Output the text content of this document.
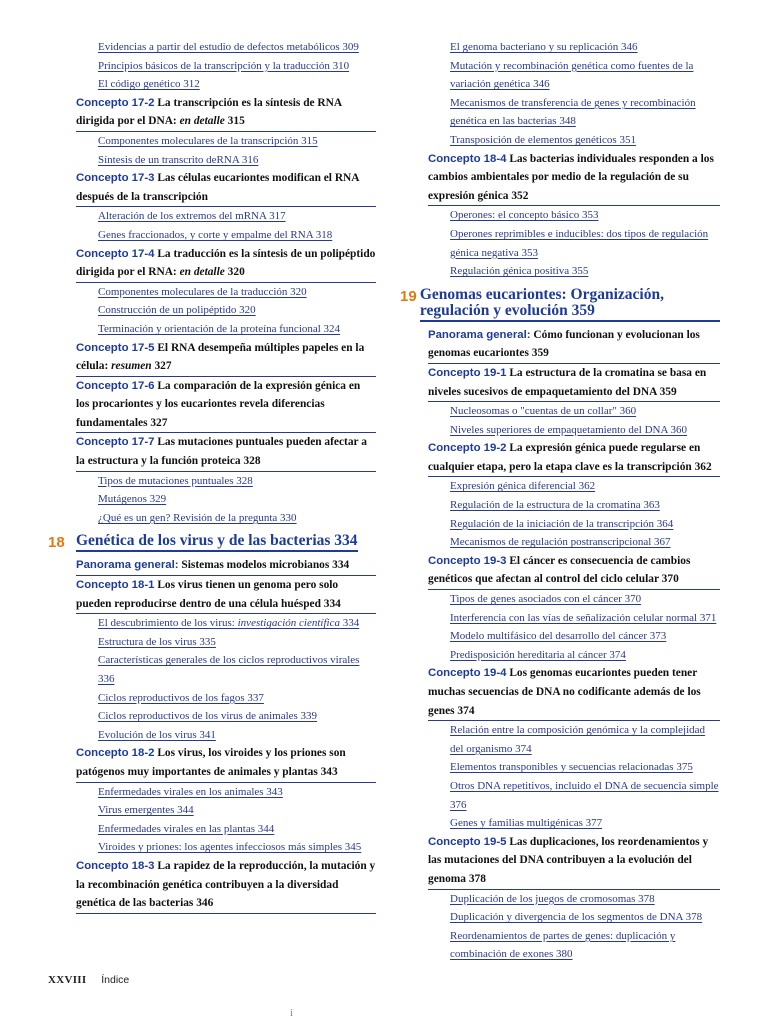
Evidencias a partir del estudio de defectos metabólicos 309
Principios básicos de la transcripción y la traducción 310
El código genético 312
Concepto 17-2 La transcripción es la síntesis de RNA dirigida por el DNA: en detalle 315
Componentes moleculares de la transcripción 315
Síntesis de un transcrito deRNA 316
Concepto 17-3 Las células eucariontes modifican el RNA después de la transcripción
Alteración de los extremos del mRNA 317
Genes fraccionados, y corte y empalme del RNA 318
Concepto 17-4 La traducción es la síntesis de un polipéptido dirigida por el RNA: en detalle 320
Componentes moleculares de la traducción 320
Construcción de un polipéptido 320
Terminación y orientación de la proteína funcional 324
Concepto 17-5 El RNA desempeña múltiples papeles en la célula: resumen 327
Concepto 17-6 La comparación de la expresión génica en los procariontes y los eucariontes revela diferencias fundamentales 327
Concepto 17-7 Las mutaciones puntuales pueden afectar a la estructura y la función proteica 328
Tipos de mutaciones puntuales 328
Mutágenos 329
¿Qué es un gen? Revisión de la pregunta 330
18 Genética de los virus y de las bacterias 334
Panorama general: Sistemas modelos microbianos 334
Concepto 18-1 Los virus tienen un genoma pero solo pueden reproducirse dentro de una célula huésped 334
El descubrimiento de los virus: investigación científica 334
Estructura de los virus 335
Características generales de los ciclos reproductivos virales 336
Ciclos reproductivos de los fagos 337
Ciclos reproductivos de los virus de animales 339
Evolución de los virus 341
Concepto 18-2 Los virus, los viroides y los priones son patógenos muy importantes de animales y plantas 343
Enfermedades virales en los animales 343
Virus emergentes 344
Enfermedades virales en las plantas 344
Viroides y priones: los agentes infecciosos más simples 345
Concepto 18-3 La rapidez de la reproducción, la mutación y la recombinación genética contribuyen a la diversidad genética de las bacterias 346
El genoma bacteriano y su replicación 346
Mutación y recombinación genética como fuentes de la variación genética 346
Mecanismos de transferencia de genes y recombinación genética en las bacterias 348
Transposición de elementos genéticos 351
Concepto 18-4 Las bacterias individuales responden a los cambios ambientales por medio de la regulación de su expresión génica 352
Operones: el concepto básico 353
Operones reprimibles e inducibles: dos tipos de regulación génica negativa 353
Regulación génica positiva 355
19 Genomas eucariontes: Organización, regulación y evolución 359
Panorama general: Cómo funcionan y evolucionan los genomas eucariontes 359
Concepto 19-1 La estructura de la cromatina se basa en niveles sucesivos de empaquetamiento del DNA 359
Nucleosomas o "cuentas de un collar" 360
Niveles superiores de empaquetamiento del DNA 360
Concepto 19-2 La expresión génica puede regularse en cualquier etapa, pero la etapa clave es la transcripción 362
Expresión génica diferencial 362
Regulación de la estructura de la cromatina 363
Regulación de la iniciación de la transcripción 364
Mecanismos de regulación postranscripcional 367
Concepto 19-3 El cáncer es consecuencia de cambios genéticos que afectan al control del ciclo celular 370
Tipos de genes asociados con el cáncer 370
Interferencia con las vías de señalización celular normal 371
Modelo multifásico del desarrollo del cáncer 373
Predisposición hereditaria al cáncer 374
Concepto 19-4 Los genomas eucariontes pueden tener muchas secuencias de DNA no codificante además de los genes 374
Relación entre la composición genómica y la complejidad del organismo 374
Elementos transponibles y secuencias relacionadas 375
Otros DNA repetitivos, incluido el DNA de secuencia simple 376
Genes y familias multigénicas 377
Concepto 19-5 Las duplicaciones, los reordenamientos y las mutaciones del DNA contribuyen a la evolución del genoma 378
Duplicación de los juegos de cromosomas 378
Duplicación y divergencia de los segmentos de DNA 378
Reordenamientos de partes de genes: duplicación y combinación de exones 380
XXVIII Índice
i
